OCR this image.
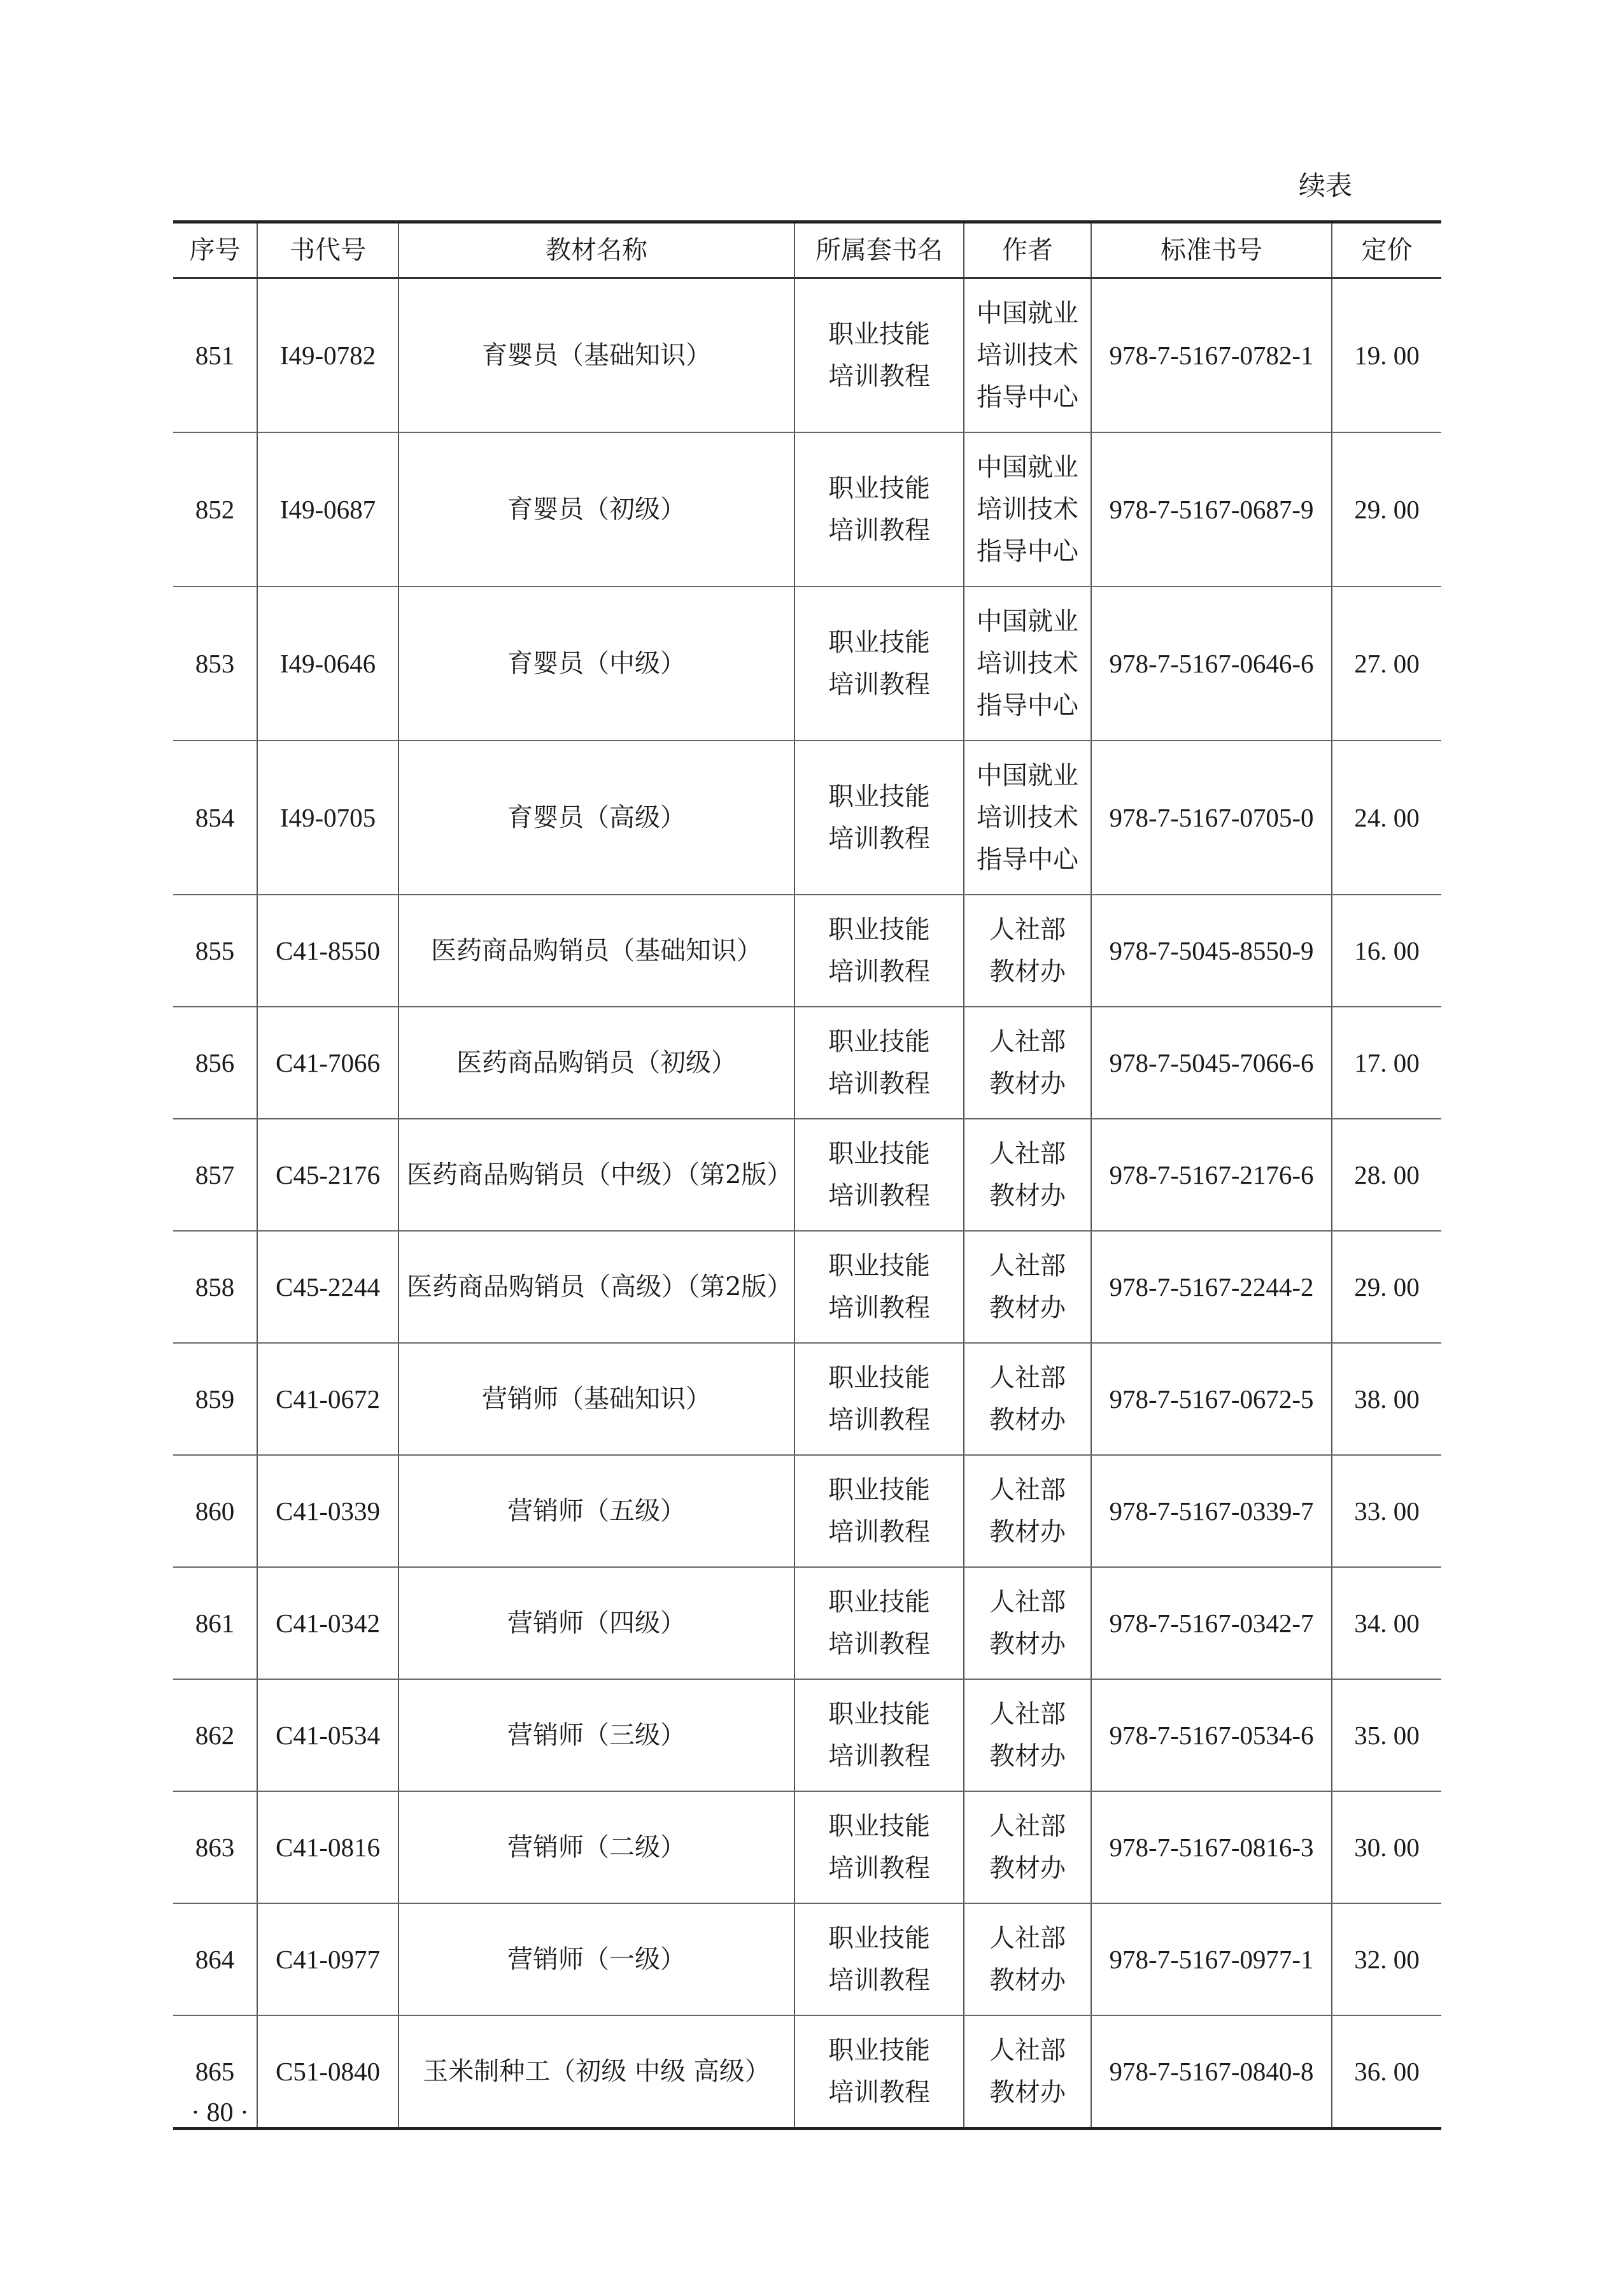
续表
序号	书代号	教材名称	所属套书名	作者	标准书号	定价
851	I49-0782	育婴员（基础知识）	职业技能培训教程	中国就业培训技术指导中心	978-7-5167-0782-1	19. 00
852	I49-0687	育婴员（初级）	职业技能培训教程	中国就业培训技术指导中心	978-7-5167-0687-9	29. 00
853	I49-0646	育婴员（中级）	职业技能培训教程	中国就业培训技术指导中心	978-7-5167-0646-6	27. 00
854	I49-0705	育婴员（高级）	职业技能培训教程	中国就业培训技术指导中心	978-7-5167-0705-0	24. 00
855	C41-8550	医药商品购销员（基础知识）	职业技能培训教程	人社部教材办	978-7-5045-8550-9	16. 00
856	C41-7066	医药商品购销员（初级）	职业技能培训教程	人社部教材办	978-7-5045-7066-6	17. 00
857	C45-2176	医药商品购销员（中级）（第2版）	职业技能培训教程	人社部教材办	978-7-5167-2176-6	28. 00
858	C45-2244	医药商品购销员（高级）（第2版）	职业技能培训教程	人社部教材办	978-7-5167-2244-2	29. 00
859	C41-0672	营销师（基础知识）	职业技能培训教程	人社部教材办	978-7-5167-0672-5	38. 00
860	C41-0339	营销师（五级）	职业技能培训教程	人社部教材办	978-7-5167-0339-7	33. 00
861	C41-0342	营销师（四级）	职业技能培训教程	人社部教材办	978-7-5167-0342-7	34. 00
862	C41-0534	营销师（三级）	职业技能培训教程	人社部教材办	978-7-5167-0534-6	35. 00
863	C41-0816	营销师（二级）	职业技能培训教程	人社部教材办	978-7-5167-0816-3	30. 00
864	C41-0977	营销师（一级）	职业技能培训教程	人社部教材办	978-7-5167-0977-1	32. 00
865	C51-0840	玉米制种工（初级 中级 高级）	职业技能培训教程	人社部教材办	978-7-5167-0840-8	36. 00
· 80 ·
